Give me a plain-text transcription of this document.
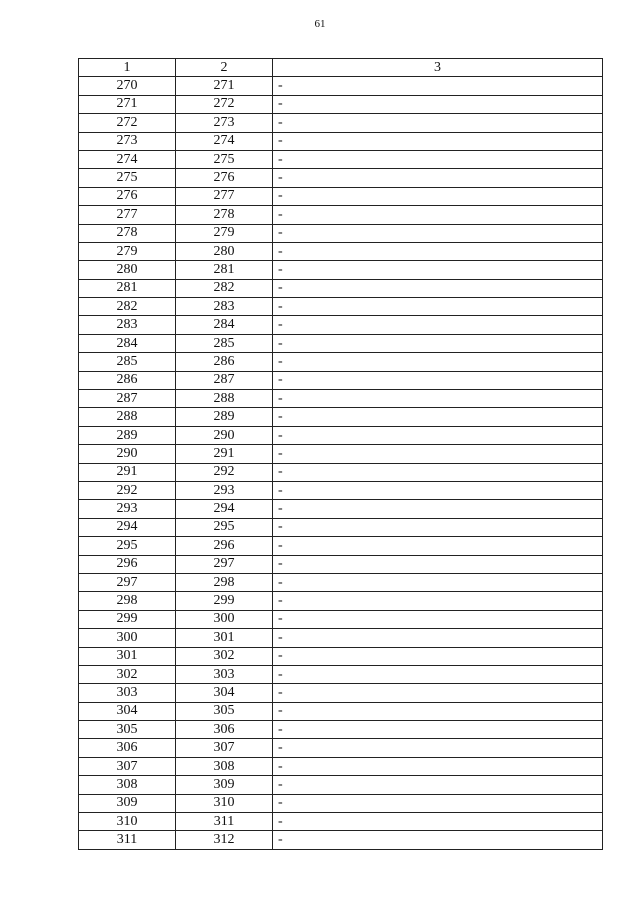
61
1	2	3
270	271	-
271	272	-
272	273	-
273	274	-
274	275	-
275	276	-
276	277	-
277	278	-
278	279	-
279	280	-
280	281	-
281	282	-
282	283	-
283	284	-
284	285	-
285	286	-
286	287	-
287	288	-
288	289	-
289	290	-
290	291	-
291	292	-
292	293	-
293	294	-
294	295	-
295	296	-
296	297	-
297	298	-
298	299	-
299	300	-
300	301	-
301	302	-
302	303	-
303	304	-
304	305	-
305	306	-
306	307	-
307	308	-
308	309	-
309	310	-
310	311	-
311	312	-
